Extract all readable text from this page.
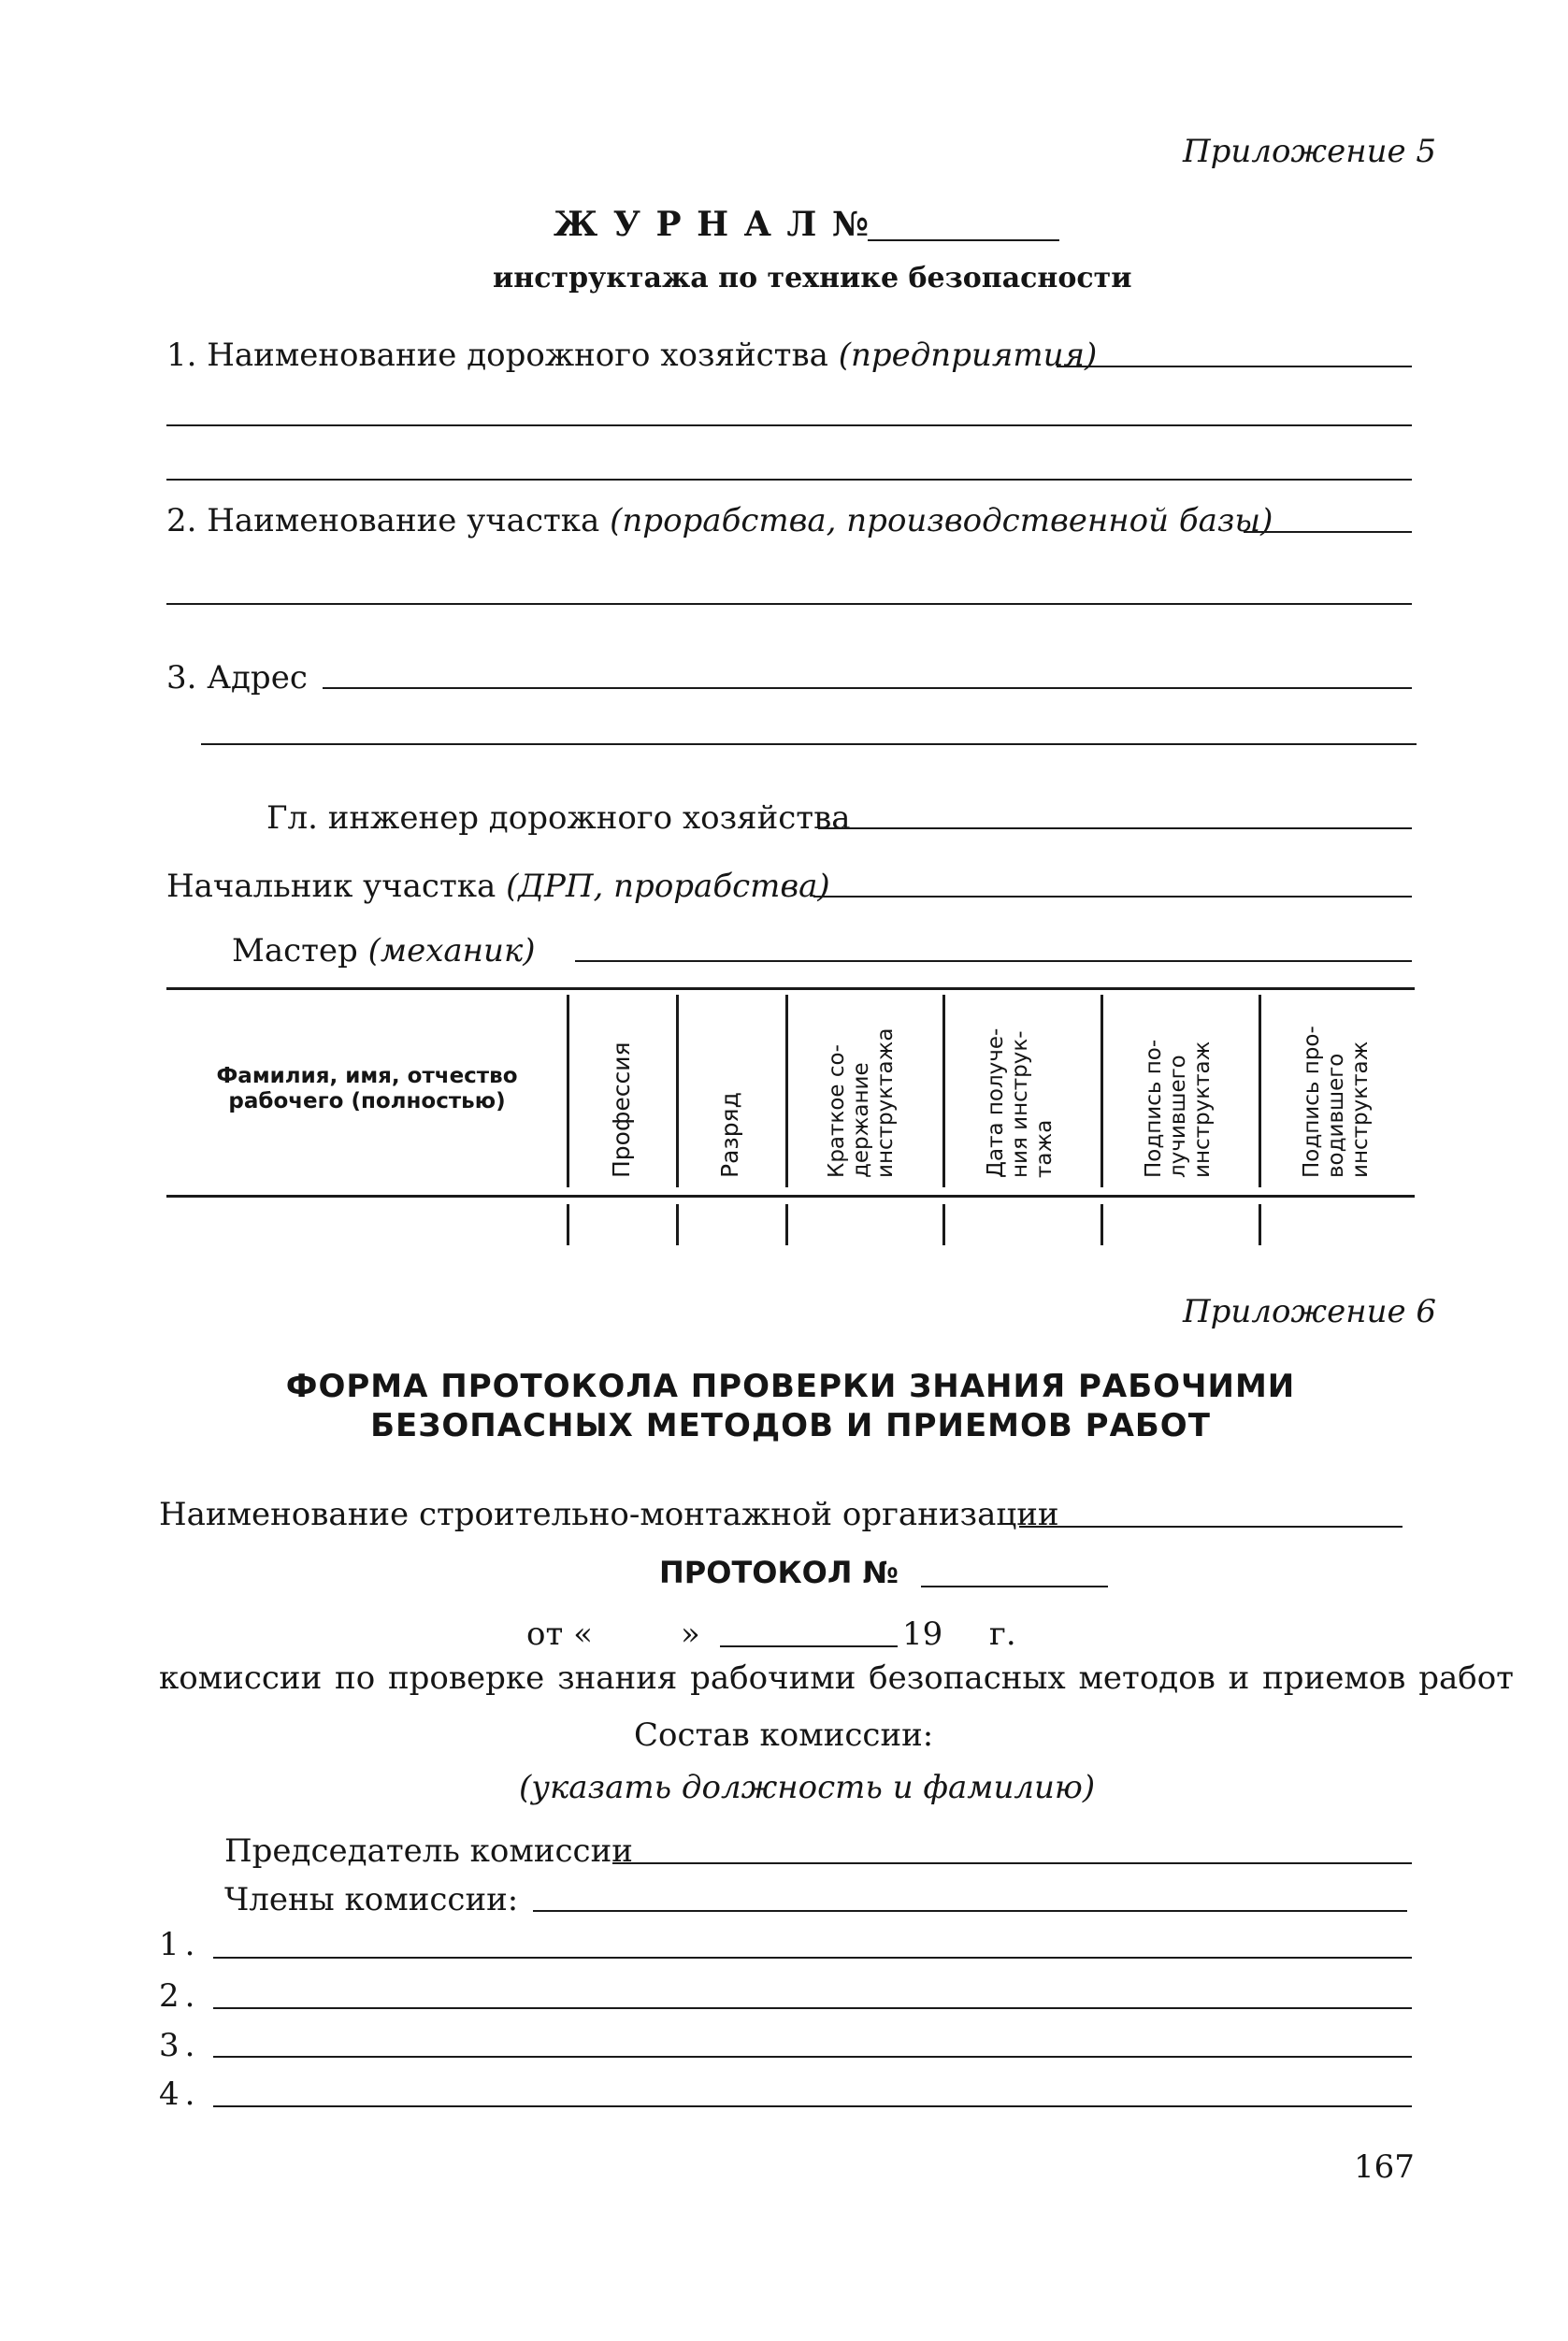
Приложение 5
Ж У Р Н А Л №
инструктажа по технике безопасности
1. Наименование дорожного хозяйства (предприятия)
2. Наименование участка (прорабства, производственной базы)
3. Адрес
Гл. инженер дорожного хозяйства
Начальник участка (ДРП, прорабства)
Мастер (механик)
Фамилия, имя, отчество
рабочего (полностью)	Профессия	Разряд	Краткое со- держание инструктажа	Дата получе- ния инструк- тажа	Подпись по- лучившего инструктаж	Подпись про- водившего инструктаж
Приложение 6
ФОРМА ПРОТОКОЛА ПРОВЕРКИ ЗНАНИЯ РАБОЧИМИ
БЕЗОПАСНЫХ МЕТОДОВ И ПРИЕМОВ РАБОТ
Наименование строительно-монтажной организации
ПРОТОКОЛ №
от «	»	19 г.
комиссии по проверке знания рабочими безопасных методов и приемов работ
Состав комиссии:
(указать должность и фамилию)
Председатель комиссии
Члены комиссии:
1.
2.
3.
4.
167
